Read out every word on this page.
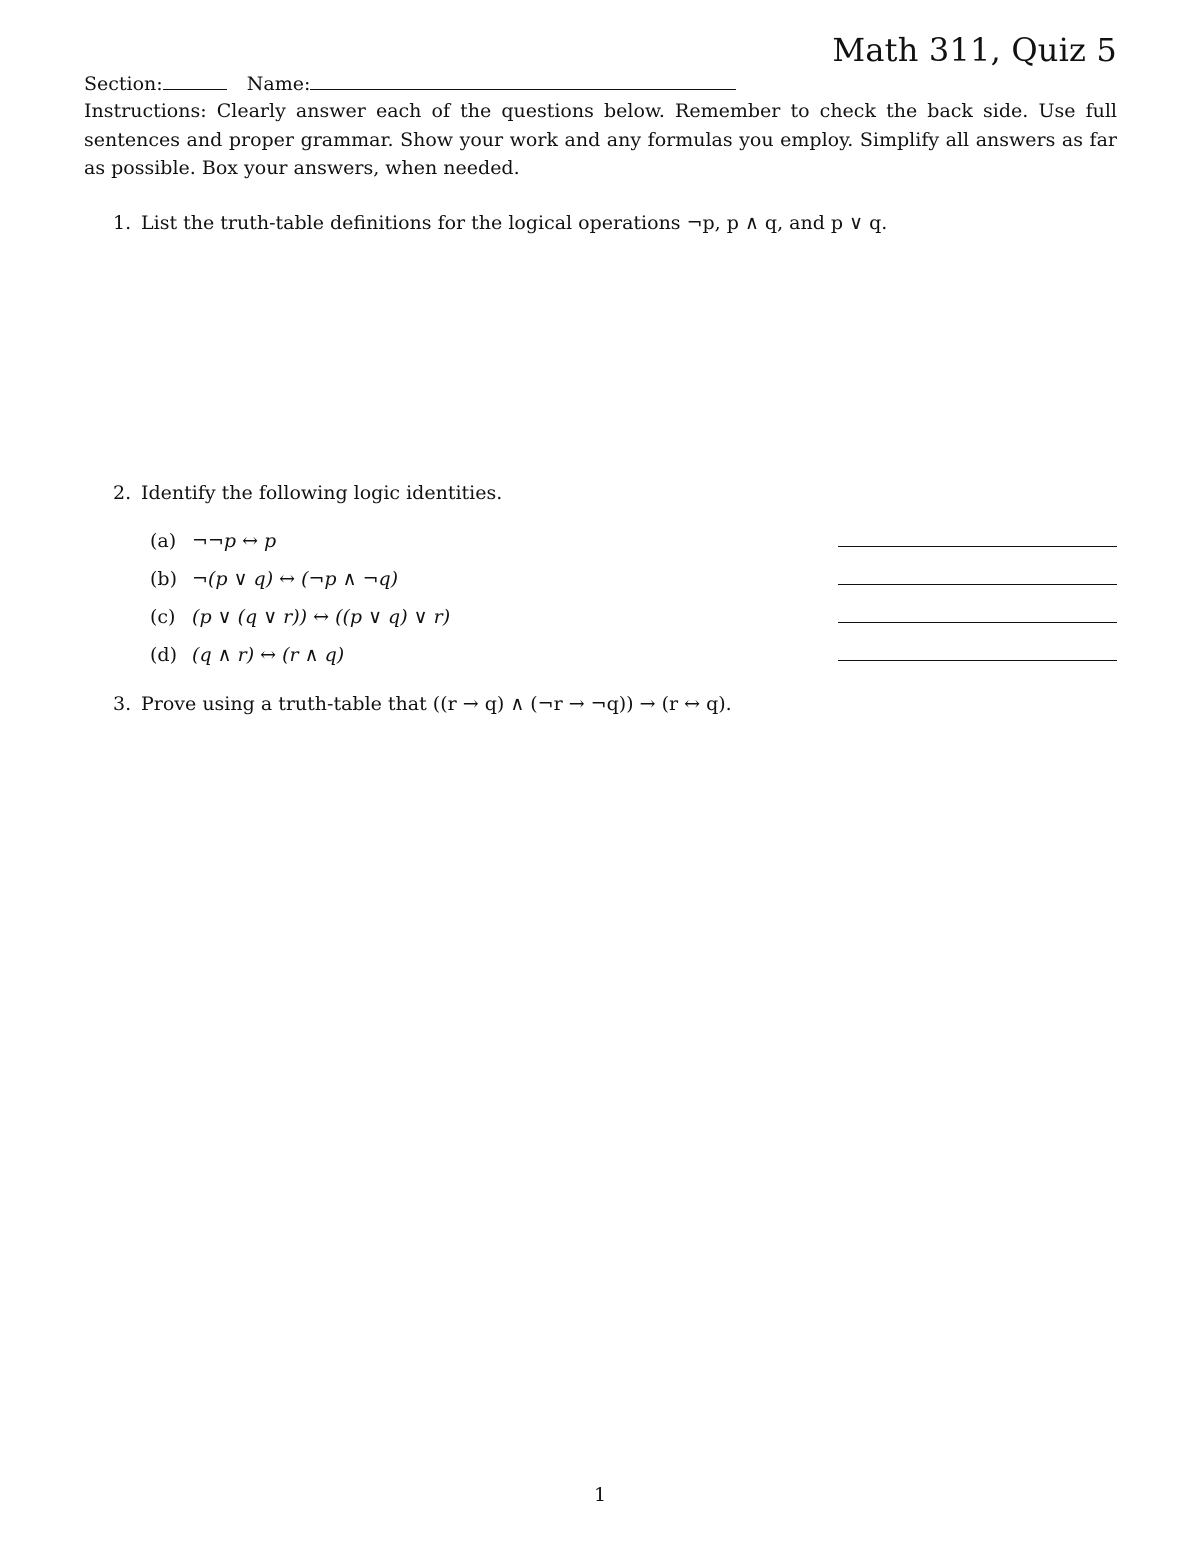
Math 311, Quiz 5
Section:	Name:
Instructions: Clearly answer each of the questions below. Remember to check the back side. Use full sentences and proper grammar. Show your work and any formulas you employ. Simplify all answers as far as possible. Box your answers, when needed.
1. List the truth-table definitions for the logical operations ¬p, p ∧ q, and p ∨ q.
2. Identify the following logic identities.
(a) ¬¬p ↔ p
(b) ¬(p ∨ q) ↔ (¬p ∧ ¬q)
(c) (p ∨ (q ∨ r)) ↔ ((p ∨ q) ∨ r)
(d) (q ∧ r) ↔ (r ∧ q)
3. Prove using a truth-table that ((r → q) ∧ (¬r → ¬q)) → (r ↔ q).
1
